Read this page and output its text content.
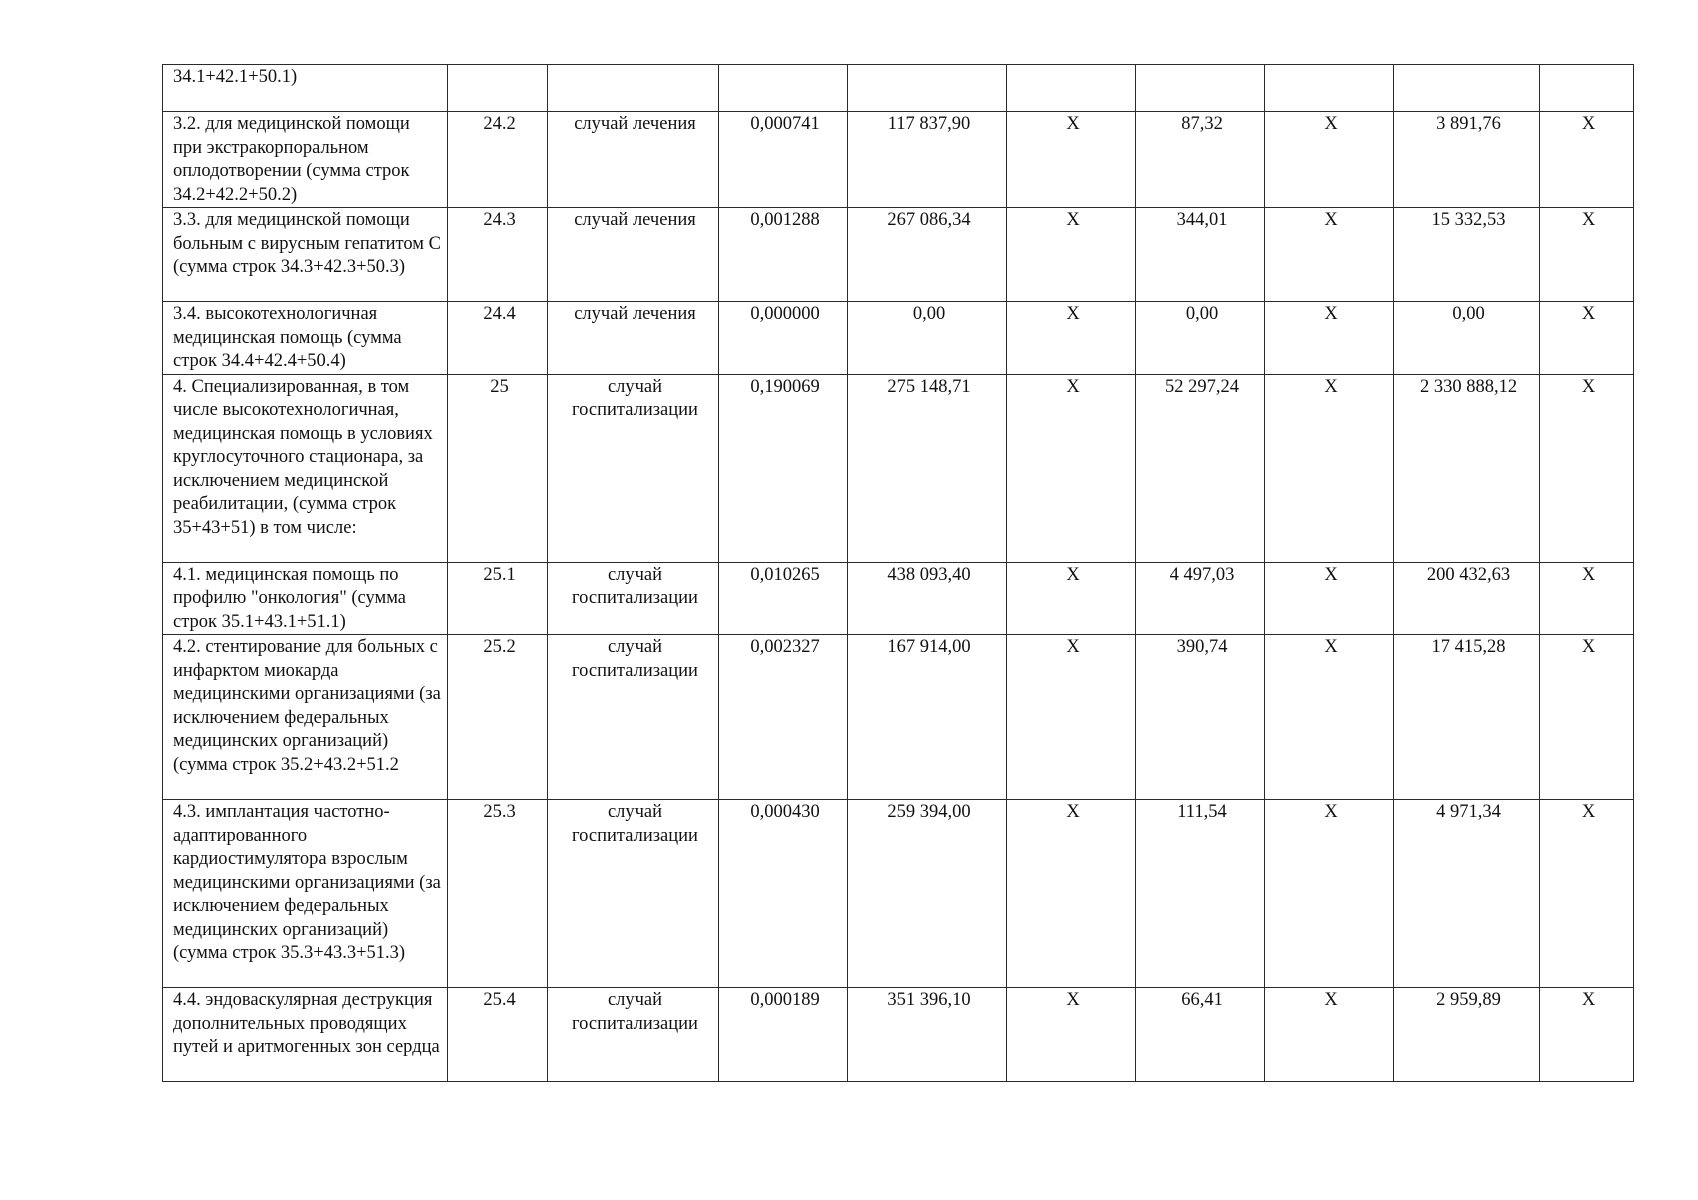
34.1+42.1+50.1)									
3.2. для медицинской помощи при экстракорпоральном оплодотворении (сумма строк 34.2+42.2+50.2)	24.2	случай лечения	0,000741	117 837,90	X	87,32	X	3 891,76	X
3.3. для медицинской помощи больным с вирусным гепатитом С (сумма строк 34.3+42.3+50.3)	24.3	случай лечения	0,001288	267 086,34	X	344,01	X	15 332,53	X
3.4. высокотехнологичная медицинская помощь (сумма строк 34.4+42.4+50.4)	24.4	случай лечения	0,000000	0,00	X	0,00	X	0,00	X
4. Специализированная, в том числе высокотехнологичная, медицинская помощь в условиях круглосуточного стационара, за исключением медицинской реабилитации, (сумма строк 35+43+51) в том числе:	25	случай госпитализации	0,190069	275 148,71	X	52 297,24	X	2 330 888,12	X
4.1. медицинская помощь по профилю "онкология" (сумма строк 35.1+43.1+51.1)	25.1	случай госпитализации	0,010265	438 093,40	X	4 497,03	X	200 432,63	X
4.2. стентирование для больных с инфарктом миокарда медицинскими организациями (за исключением федеральных медицинских организаций) (сумма строк 35.2+43.2+51.2	25.2	случай госпитализации	0,002327	167 914,00	X	390,74	X	17 415,28	X
4.3. имплантация частотно-адаптированного кардиостимулятора взрослым медицинскими организациями (за исключением федеральных медицинских организаций) (сумма строк 35.3+43.3+51.3)	25.3	случай госпитализации	0,000430	259 394,00	X	111,54	X	4 971,34	X
4.4. эндоваскулярная деструкция дополнительных проводящих путей и аритмогенных зон сердца	25.4	случай госпитализации	0,000189	351 396,10	X	66,41	X	2 959,89	X
